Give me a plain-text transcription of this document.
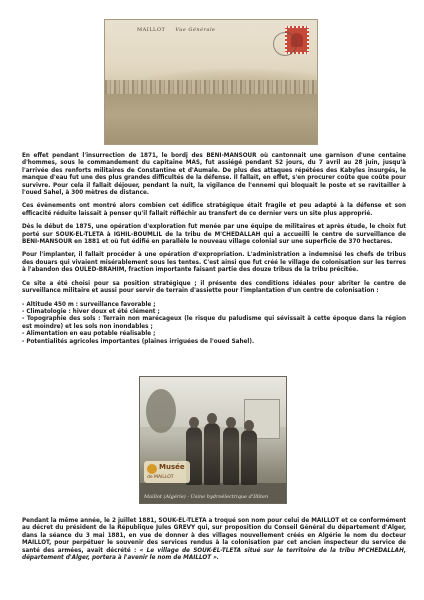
MAILLOT Vue Générale

En effet pendant l'insurrection de 1871, le bordj des BENI-MANSOUR où cantonnait une garnison d'une centaine d'hommes, sous le commandement du capitaine MAS, fut assiégé pendant 52 jours, du 7 avril au 28 juin, jusqu'à l'arrivée des renforts militaires de Constantine et d'Aumale. De plus des attaques répétées des Kabyles insurgés, le manque d'eau fut une des plus grandes difficultés de la défense. Il fallait, en effet, s'en procurer coûte que coûte pour survivre. Pour cela il fallait déjouer, pendant la nuit, la vigilance de l'ennemi qui bloquait le poste et se ravitailler à l'oued Sahel, à 300 mètres de distance.

Ces évènements ont montré alors combien cet édifice stratégique était fragile et peu adapté à la défense et son efficacité réduite laissait à penser qu'il fallait réfléchir au transfert de ce dernier vers un site plus approprié.

Dès le début de 1875, une opération d'exploration fut menée par une équipe de militaires et après étude, le choix fut porté sur SOUK-EL-TLETA à IGHIL-BOUMLIL de la tribu de M'CHEDALLAH qui a accueilli le centre de surveillance de BENI-MANSOUR en 1881 et où fut édifié en parallèle le nouveau village colonial sur une superficie de 370 hectares.

Pour l'implanter, il fallait procéder à une opération d'expropriation. L'administration a indemnisé les chefs de tribus des douars qui vivaient misérablement sous les tentes. C'est ainsi que fut créé le village de colonisation sur les terres à l'abandon des OULED-BRAHIM, fraction importante faisant partie des douze tribus de la tribu précitée.

Ce site a été choisi pour sa position stratégique ; il présente des conditions idéales pour abriter le centre de surveillance militaire et aussi pour servir de terrain d'assiette pour l'implantation d'un centre de colonisation :

- Altitude 450 m : surveillance favorable ;
- Climatologie : hiver doux et été clément ;
- Topographie des sols : Terrain non marécageux (le risque du paludisme qui sévissait à cette époque dans la région est moindre) et les sols non inondables ;
- Alimentation en eau potable réalisable ;
- Potentialités agricoles importantes (plaines irriguées de l'oued Sahel).
Musée
de MAILLOT
Maillot (Algérie) - Usine hydroélectrique d'Illiten

Pendant la même année, le 2 juillet 1881, SOUK-EL-TLETA a troqué son nom pour celui de MAILLOT et ce conformément au décret du président de la République Jules GREVY qui, sur proposition du Conseil Général du département d'Alger, dans la séance du 3 mai 1881, en vue de donner à des villages nouvellement créés en Algérie le nom du docteur MAILLOT, pour perpétuer le souvenir des services rendus à la colonisation par cet ancien inspecteur du service de santé des armées, avait décrété : « Le village de SOUK-EL-TLETA situé sur le territoire de la tribu M'CHEDALLAH, département d'Alger, portera à l'avenir le nom de MAILLOT ».
